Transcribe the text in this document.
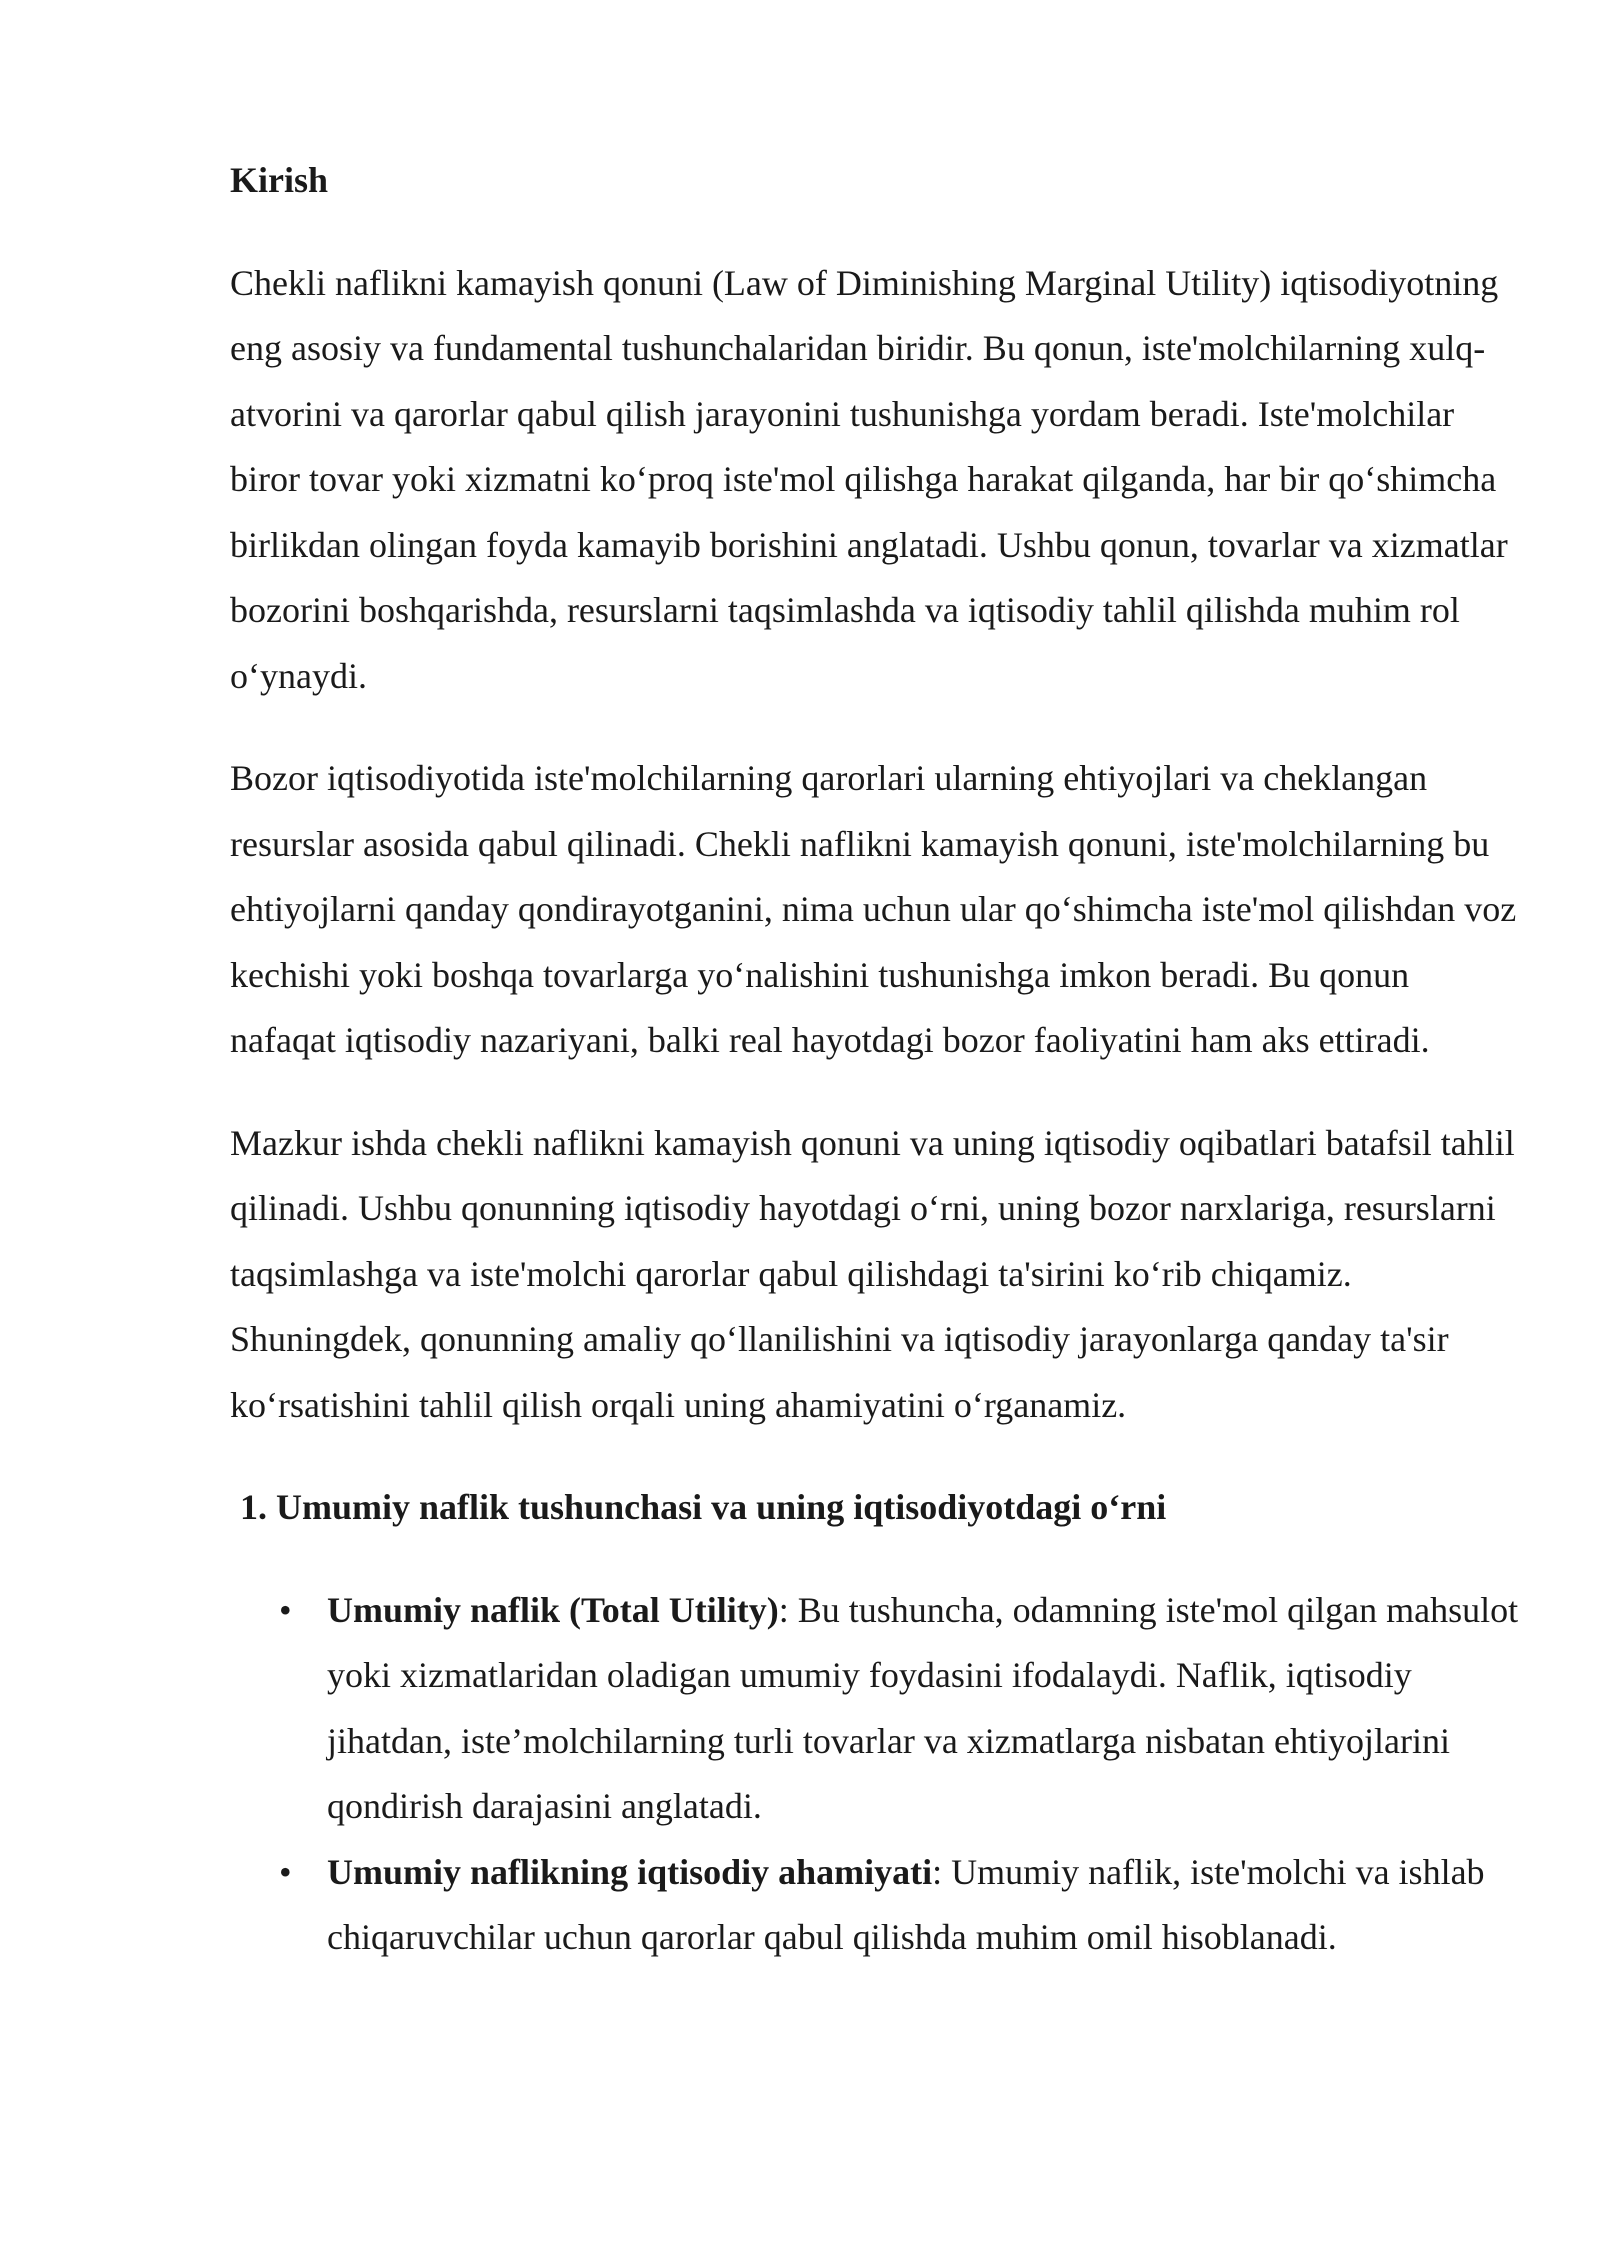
Kirish

Chekli naflikni kamayish qonuni (Law of Diminishing Marginal Utility) iqtisodiyotning eng asosiy va fundamental tushunchalaridan biridir. Bu qonun, iste'molchilarning xulq-atvorini va qarorlar qabul qilish jarayonini tushunishga yordam beradi. Iste'molchilar biror tovar yoki xizmatni ko‘proq iste'mol qilishga harakat qilganda, har bir qo‘shimcha birlikdan olingan foyda kamayib borishini anglatadi. Ushbu qonun, tovarlar va xizmatlar bozorini boshqarishda, resurslarni taqsimlashda va iqtisodiy tahlil qilishda muhim rol o‘ynaydi.

Bozor iqtisodiyotida iste'molchilarning qarorlari ularning ehtiyojlari va cheklangan resurslar asosida qabul qilinadi. Chekli naflikni kamayish qonuni, iste'molchilarning bu ehtiyojlarni qanday qondirayotganini, nima uchun ular qo‘shimcha iste'mol qilishdan voz kechishi yoki boshqa tovarlarga yo‘nalishini tushunishga imkon beradi. Bu qonun nafaqat iqtisodiy nazariyani, balki real hayotdagi bozor faoliyatini ham aks ettiradi.

Mazkur ishda chekli naflikni kamayish qonuni va uning iqtisodiy oqibatlari batafsil tahlil qilinadi. Ushbu qonunning iqtisodiy hayotdagi o‘rni, uning bozor narxlariga, resurslarni taqsimlashga va iste'molchi qarorlar qabul qilishdagi ta'sirini ko‘rib chiqamiz. Shuningdek, qonunning amaliy qo‘llanilishini va iqtisodiy jarayonlarga qanday ta'sir ko‘rsatishini tahlil qilish orqali uning ahamiyatini o‘rganamiz.

1. Umumiy naflik tushunchasi va uning iqtisodiyotdagi o‘rni
• Umumiy naflik (Total Utility): Bu tushuncha, odamning iste'mol qilgan mahsulot yoki xizmatlaridan oladigan umumiy foydasini ifodalaydi. Naflik, iqtisodiy jihatdan, iste’molchilarning turli tovarlar va xizmatlarga nisbatan ehtiyojlarini qondirish darajasini anglatadi.
• Umumiy naflikning iqtisodiy ahamiyati: Umumiy naflik, iste'molchi va ishlab chiqaruvchilar uchun qarorlar qabul qilishda muhim omil hisoblanadi.
